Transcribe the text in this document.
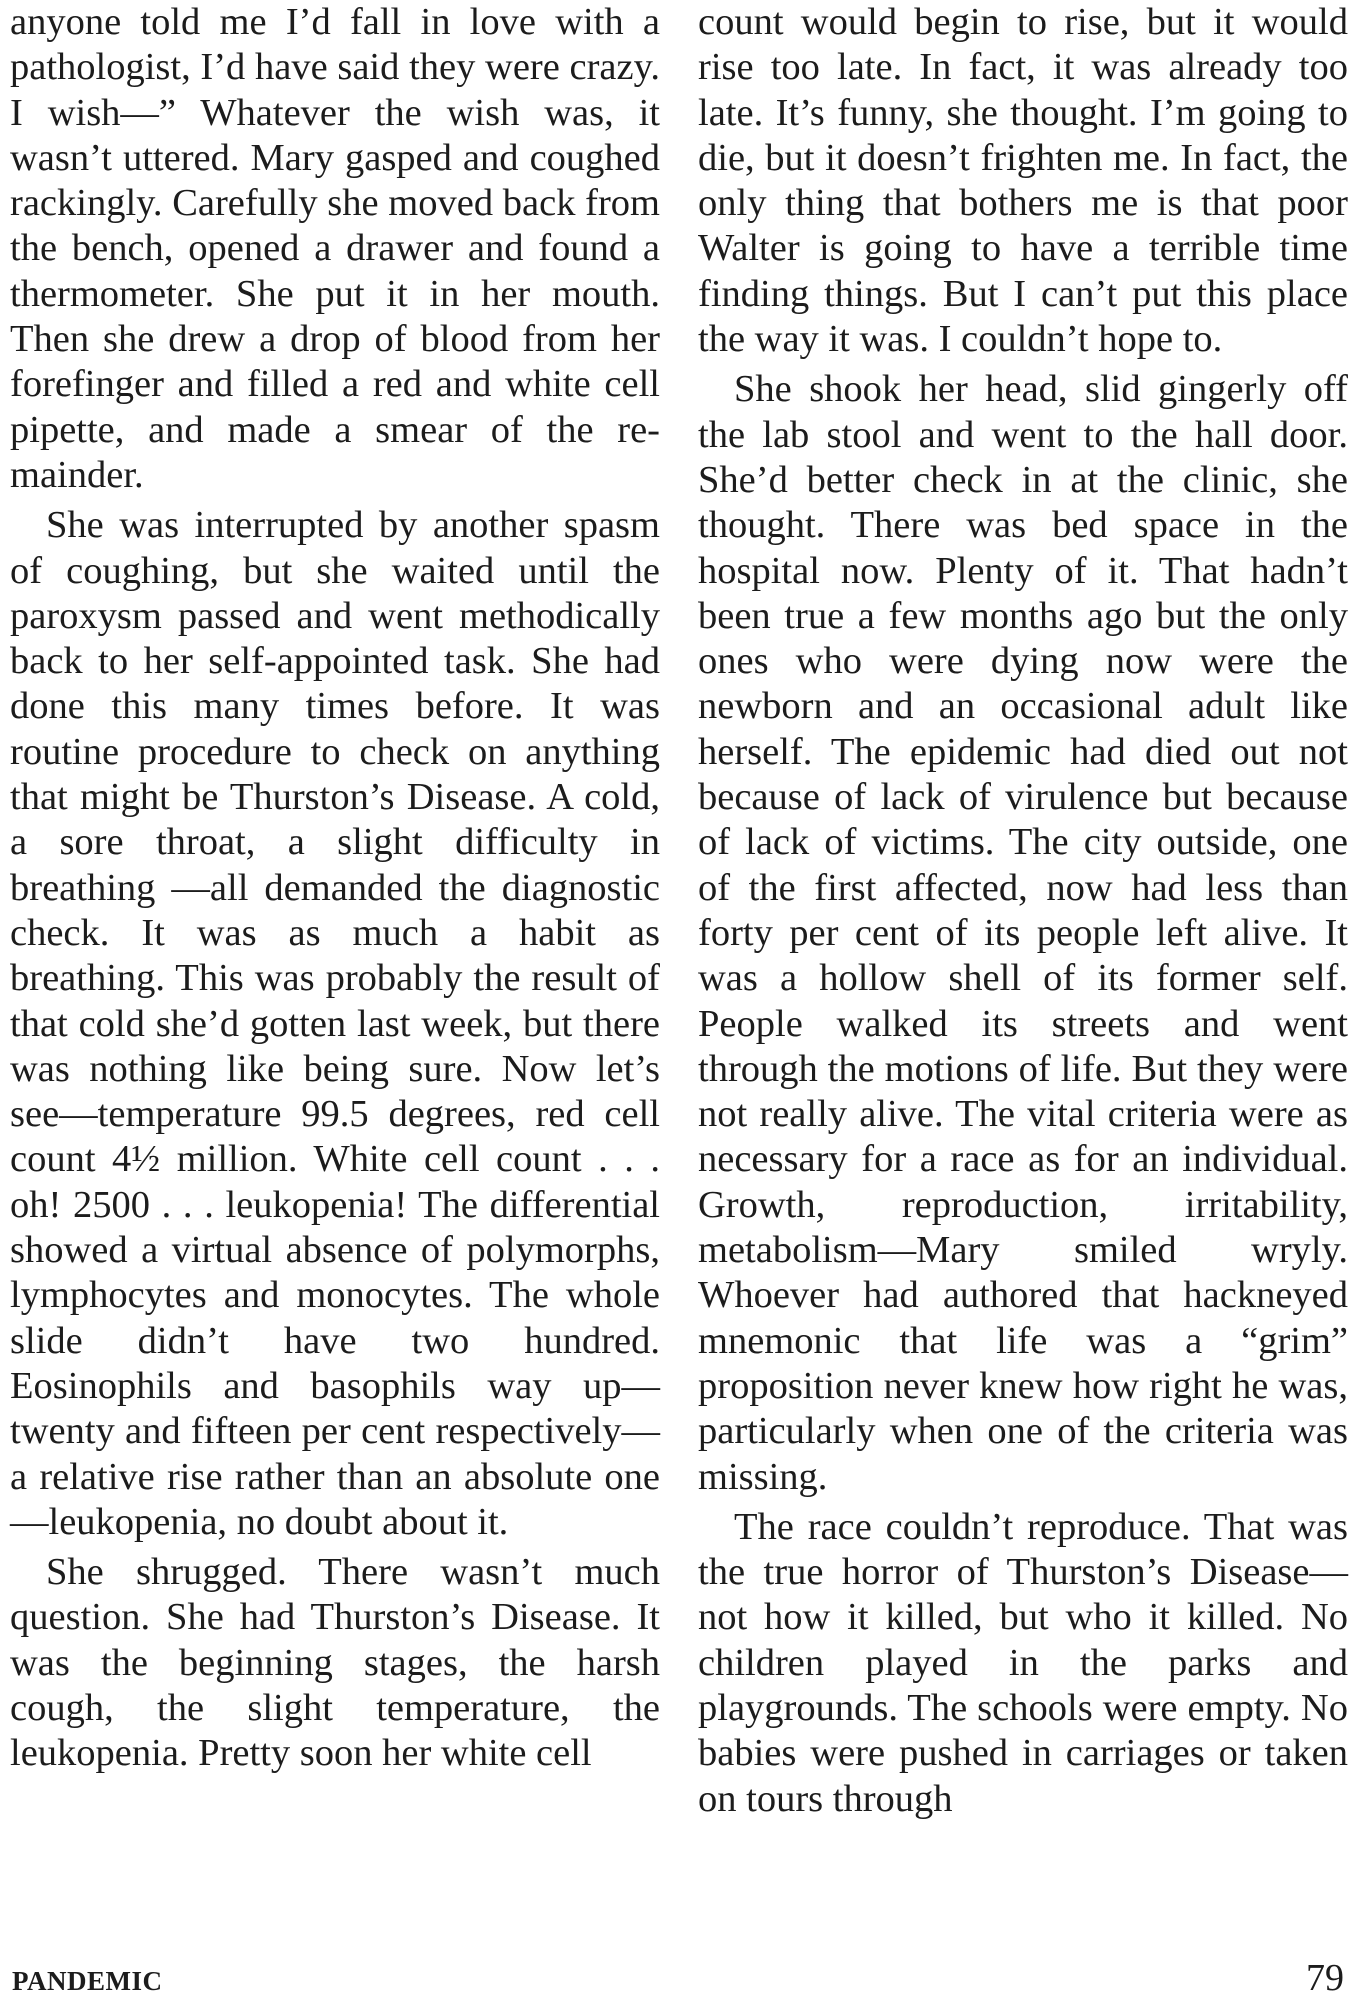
anyone told me I’d fall in love with a pathologist, I’d have said they were crazy. I wish—” Whatever the wish was, it wasn’t uttered. Mary gasped and coughed rackingly. Carefully she moved back from the bench, opened a drawer and found a thermometer. She put it in her mouth. Then she drew a drop of blood from her forefinger and filled a red and white cell pipette, and made a smear of the remainder.

She was interrupted by another spasm of coughing, but she waited until the paroxysm passed and went methodically back to her self-appointed task. She had done this many times before. It was routine procedure to check on anything that might be Thurston’s Disease. A cold, a sore throat, a slight difficulty in breathing —all demanded the diagnostic check. It was as much a habit as breathing. This was probably the result of that cold she’d gotten last week, but there was nothing like being sure. Now let’s see—temperature 99.5 degrees, red cell count 4½ million. White cell count . . . oh! 2500 . . . leukopenia! The differential showed a virtual absence of polymorphs, lymphocytes and monocytes. The whole slide didn’t have two hundred. Eosinophils and basophils way up—twenty and fifteen per cent respectively—a relative rise rather than an absolute one —leukopenia, no doubt about it.

She shrugged. There wasn’t much question. She had Thurston’s Disease. It was the beginning stages, the harsh cough, the slight temperature, the leukopenia. Pretty soon her white cell

count would begin to rise, but it would rise too late. In fact, it was already too late. It’s funny, she thought. I’m going to die, but it doesn’t frighten me. In fact, the only thing that bothers me is that poor Walter is going to have a terrible time finding things. But I can’t put this place the way it was. I couldn’t hope to.

She shook her head, slid gingerly off the lab stool and went to the hall door. She’d better check in at the clinic, she thought. There was bed space in the hospital now. Plenty of it. That hadn’t been true a few months ago but the only ones who were dying now were the newborn and an occasional adult like herself. The epidemic had died out not because of lack of virulence but because of lack of victims. The city outside, one of the first affected, now had less than forty per cent of its people left alive. It was a hollow shell of its former self. People walked its streets and went through the motions of life. But they were not really alive. The vital criteria were as necessary for a race as for an individual. Growth, reproduction, irritability, metabolism—Mary smiled wryly. Whoever had authored that hackneyed mnemonic that life was a “grim” proposition never knew how right he was, particularly when one of the criteria was missing.

The race couldn’t reproduce. That was the true horror of Thurston’s Disease—not how it killed, but who it killed. No children played in the parks and playgrounds. The schools were empty. No babies were pushed in carriages or taken on tours through

PANDEMIC	79
